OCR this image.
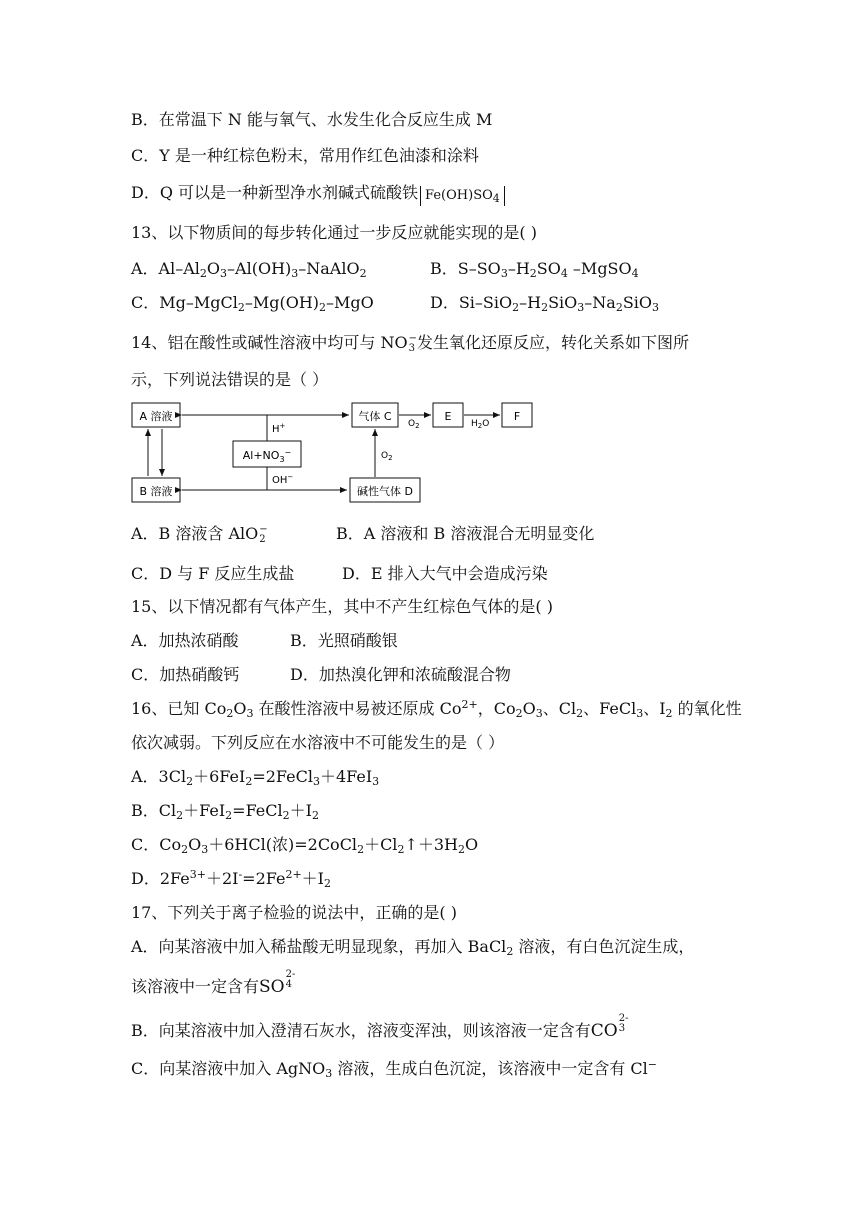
B．在常温下 N 能与氧气、水发生化合反应生成 M
C．Y 是一种红棕色粉末，常用作红色油漆和涂料
D．Q 可以是一种新型净水剂碱式硫酸铁 $Fe(OH)SO_4$
13、以下物质间的每步转化通过一步反应就能实现的是( )
A．$Al-Al_2O_3-Al(OH)_3-NaAlO_2$	B．$S-SO_3-H_2SO_4$ –MgSO$_4$
C．$Mg-MgCl_2-Mg(OH)_2$–MgO	D．$Si-SiO_2-H_2SiO_3-Na_2SiO_3$
14、铝在酸性或碱性溶液中均可与 NO −
3 发生氧化还原反应，转化关系如下图所
示，下列说法错误的是（ ）
A 溶液
B 溶液
气体 C	E	F
$Al+NO_3^-$
碱性气体 D
H+
OH−
$O_2$	$H_2O$
$O_2$
A．B 溶液含 AlO −
2	B．A 溶液和 B 溶液混合无明显变化
C．D 与 F 反应生成盐	D．E 排入大气中会造成污染
15、以下情况都有气体产生，其中不产生红棕色气体的是( )
A．加热浓硝酸	B．光照硝酸银
C．加热硝酸钙	D．加热溴化钾和浓硫酸混合物
16、已知 $Co_2O_3$ 在酸性溶液中易被还原成 $Co^{2+}$，$Co_2O_3$、$Cl_2$、FeCl$_3$、$I_2$ 的氧化性
依次减弱。下列反应在水溶液中不可能发生的是（ ）
A．$3Cl_2+6FeI_2=2FeCl_3+4FeI_3$
B．$Cl_2+FeI_2=FeCl_2+I_2$
C．$Co_2O_3+6HCl$(浓)$=2CoCl_2+Cl_2↑+3H_2O$
D．$2Fe^{3+}+2I^-=2Fe^{2+}+I_2$
17、下列关于离子检验的说法中，正确的是( )
A．向某溶液中加入稀盐酸无明显现象，再加入 BaCl$_2$ 溶液，有白色沉淀生成，
该溶液中一定含有SO
2-
4
B．向某溶液中加入澄清石灰水，溶液变浑浊，则该溶液一定含有CO
2-
3
C．向某溶液中加入 AgNO$_3$ 溶液，生成白色沉淀，该溶液中一定含有 Cl−
